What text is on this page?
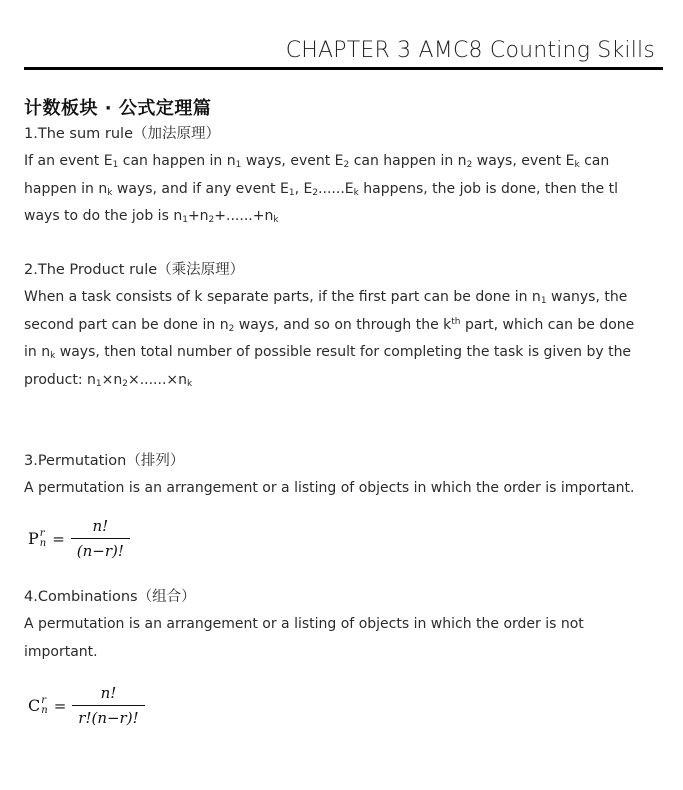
CHAPTER 3 AMC8 Counting Skills
计数板块 · 公式定理篇
1.The sum rule（加法原理）
If an event $E_1$ can happen in $n_1$ ways, event $E_2$ can happen in $n_2$ ways, event $E_k$ can
happen in $n_k$ ways, and if any event $E_1$, $E_2......E_k$ happens, the job is done, then the tl
ways to do the job is $n_1+n_2+......+n_k$
2.The Product rule（乘法原理）
When a task consists of k separate parts, if the first part can be done in $n_1$ wanys, the
second part can be done in $n_2$ ways, and so on through the $k^{th}$ part, which can be done
in $n_k$ ways, then total number of possible result for completing the task is given by the
product: $n_1\times n_2\times......\times n_k$
3.Permutation（排列）
A permutation is an arrangement or a listing of objects in which the order is important.
P r
$n = \frac{n!}{(n-r)!}$
4.Combinations（组合）
A permutation is an arrangement or a listing of objects in which the order is not
important.
C r
$n = \frac{n!}{r!(n-r)!}$
